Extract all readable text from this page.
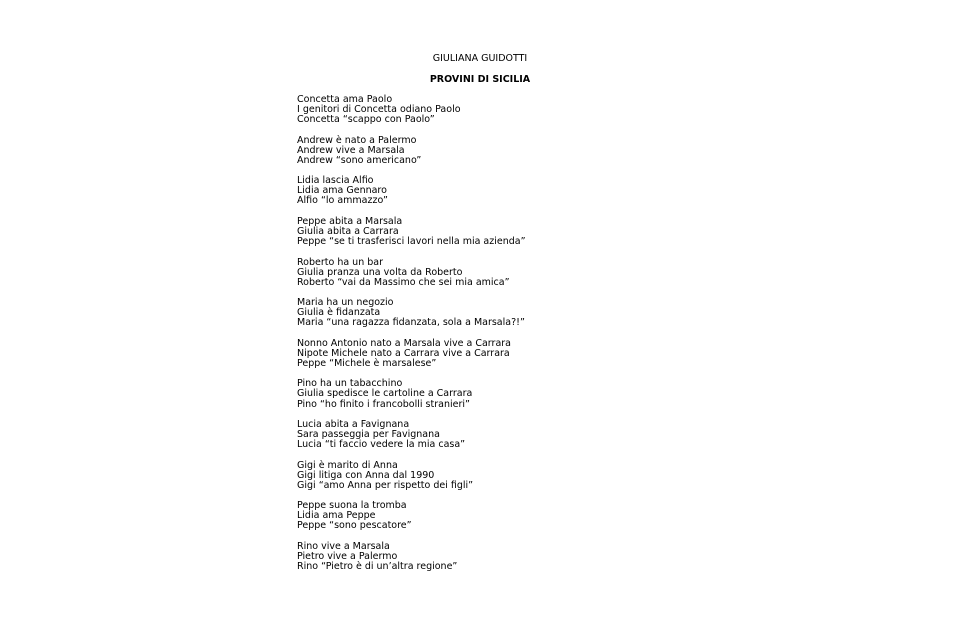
GIULIANA GUIDOTTI
PROVINI DI SICILIA

Concetta ama Paolo

I genitori di Concetta odiano Paolo

Concetta “scappo con Paolo”

Andrew è nato a Palermo

Andrew vive a Marsala

Andrew “sono americano”

Lidia lascia Alfio

Lidia ama Gennaro

Alfio “lo ammazzo”

Peppe abita a Marsala

Giulia abita a Carrara

Peppe “se ti trasferisci lavori nella mia azienda”

Roberto ha un bar

Giulia pranza una volta da Roberto

Roberto “vai da Massimo che sei mia amica”

Maria ha un negozio

Giulia è fidanzata

Maria “una ragazza fidanzata, sola a Marsala?!”

Nonno Antonio nato a Marsala vive a Carrara

Nipote Michele nato a Carrara vive a Carrara

Peppe “Michele è marsalese”

Pino ha un tabacchino

Giulia spedisce le cartoline a Carrara

Pino “ho finito i francobolli stranieri”

Lucia abita a Favignana

Sara passeggia per Favignana

Lucia “ti faccio vedere la mia casa”

Gigi è marito di Anna

Gigi litiga con Anna dal 1990

Gigi “amo Anna per rispetto dei figli”

Peppe suona la tromba

Lidia ama Peppe

Peppe “sono pescatore”

Rino vive a Marsala

Pietro vive a Palermo

Rino “Pietro è di un’altra regione”
